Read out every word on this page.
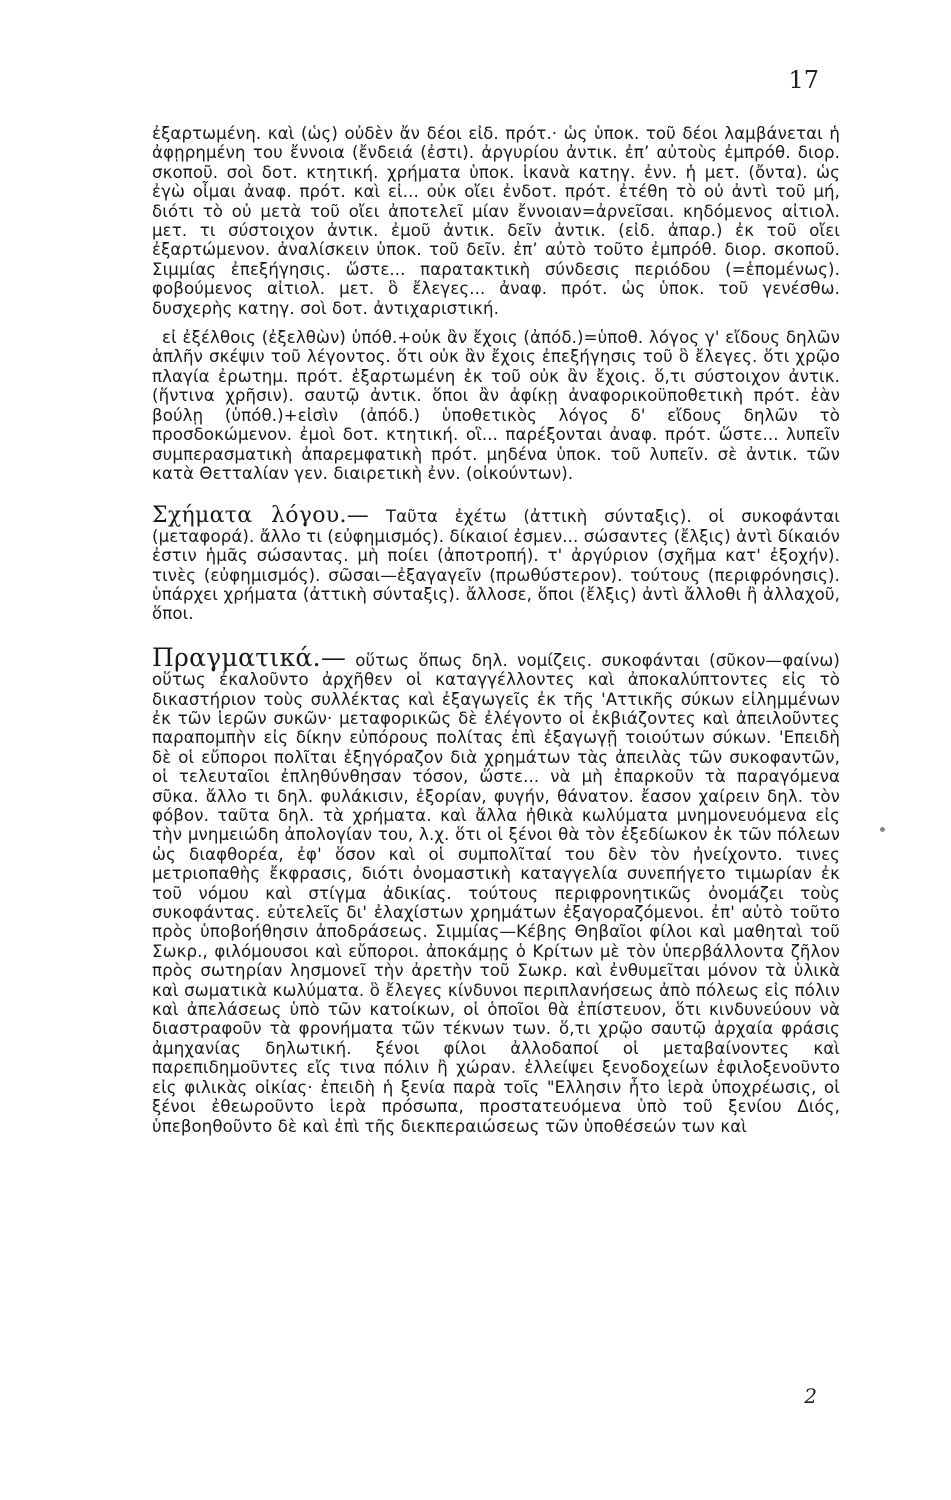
17

ἐξαρτωμένη. καὶ (ὡς) οὐδὲν ἄν δέοι εἰδ. πρότ.· ὡς ὑποκ. τοῦ δέοι λαμβάνεται ἡ ἀφῃρημένη του ἔννοια (ἔνδειά (ἐστι). ἀργυρίου ἀντικ. ἐπ’ αὐτοὺς ἐμπρόθ. διορ. σκοποῦ. σοὶ δοτ. κτητική. χρήματα ὑποκ. ἱκανὰ κατηγ. ἐνν. ἡ μετ. (ὄντα). ὡς ἐγὼ οἶμαι ἀναφ. πρότ. καὶ εἰ... οὐκ οἴει ἐνδοτ. πρότ. ἐτέθη τὸ οὐ ἀντὶ τοῦ μή, διότι τὸ οὐ μετὰ τοῦ οἴει ἀποτελεῖ μίαν ἔννοιαν=ἀρνεῖσαι. κηδόμενος αἰτιολ. μετ. τι σύστοιχον ἀντικ. ἐμοῦ ἀντικ. δεῖν ἀντικ. (εἰδ. ἀπαρ.) ἐκ τοῦ οἴει ἐξαρτώμενον. ἀναλίσκειν ὑποκ. τοῦ δεῖν. ἐπ’ αὐτὸ τοῦτο ἐμπρόθ. διορ. σκοποῦ. Σιμμίας ἐπεξήγησις. ὥστε... παρατακτικὴ σύνδεσις περιόδου (=ἑπομένως). φοβούμενος αἰτιολ. μετ. ὃ ἔλεγες... ἀναφ. πρότ. ὡς ὑποκ. τοῦ γενέσθω. δυσχερὴς κατηγ. σοὶ δοτ. ἀντιχαριστική.

εἰ ἐξέλθοις (ἐξελθὼν) ὑπόθ.+οὐκ ἂν ἔχοις (ἀπόδ.)=ὑποθ. λόγος γ' εἴδους δηλῶν ἁπλῆν σκέψιν τοῦ λέγοντος. ὅτι οὐκ ἂν ἔχοις ἐπεξήγησις τοῦ ὃ ἔλεγες. ὅτι χρῷο πλαγία ἐρωτημ. πρότ. ἐξαρτωμένη ἐκ τοῦ οὐκ ἂν ἔχοις. ὅ,τι σύστοιχον ἀντικ. (ἥντινα χρῆσιν). σαυτῷ ἀντικ. ὅποι ἂν ἀφίκῃ ἀναφορικοϋποθετικὴ πρότ. ἐὰν βούλῃ (ὑπόθ.)+εἰσὶν (ἀπόδ.) ὑποθετικὸς λόγος δ' εἴδους δηλῶν τὸ προσδοκώμενον. ἐμοὶ δοτ. κτητική. οἳ... παρέξονται ἀναφ. πρότ. ὥστε... λυπεῖν συμπερασματικὴ ἀπαρεμφατικὴ πρότ. μηδένα ὑποκ. τοῦ λυπεῖν. σὲ ἀντικ. τῶν κατὰ Θετταλίαν γεν. διαιρετικὴ ἐνν. (οἰκούντων).

Σχήματα λόγου.— Ταῦτα ἐχέτω (ἀττικὴ σύνταξις). οἱ συκοφάνται (μεταφορά). ἄλλο τι (εὐφημισμός). δίκαιοί ἐσμεν... σώσαντες (ἔλξις) ἀντὶ δίκαιόν ἐστιν ἡμᾶς σώσαντας. μὴ ποίει (ἀποτροπή). τ' ἀργύριον (σχῆμα κατ' ἐξοχήν). τινὲς (εὐφημισμός). σῶσαι—ἐξαγαγεῖν (πρωθύστερον). τούτους (περιφρόνησις). ὑπάρχει χρήματα (ἀττικὴ σύνταξις). ἄλλοσε, ὅποι (ἔλξις) ἀντὶ ἄλλοθι ἢ ἀλλαχοῦ, ὅποι.

Πραγματικά.— οὕτως ὅπως δηλ. νομίζεις. συκοφάνται (σῦκον—φαίνω) οὕτως ἐκαλοῦντο ἀρχῆθεν οἱ καταγγέλλοντες καὶ ἀποκαλύπτοντες εἰς τὸ δικαστήριον τοὺς συλλέκτας καὶ ἐξαγωγεῖς ἐκ τῆς 'Αττικῆς σύκων εἰλημμένων ἐκ τῶν ἱερῶν συκῶν· μεταφορικῶς δὲ ἐλέγοντο οἱ ἐκβιάζοντες καὶ ἀπειλοῦντες παραπομπὴν εἰς δίκην εὐπόρους πολίτας ἐπὶ ἐξαγωγῇ τοιούτων σύκων. 'Επειδὴ δὲ οἱ εὔποροι πολῖται ἐξηγόραζον διὰ χρημάτων τὰς ἀπειλὰς τῶν συκοφαντῶν, οἱ τελευταῖοι ἐπληθύνθησαν τόσον, ὥστε... νὰ μὴ ἐπαρκοῦν τὰ παραγόμενα σῦκα. ἄλλο τι δηλ. φυλάκισιν, ἐξορίαν, φυγήν, θάνατον. ἔασον χαίρειν δηλ. τὸν φόβον. ταῦτα δηλ. τὰ χρήματα. καὶ ἄλλα ἠθικὰ κωλύματα μνημονευόμενα εἰς τὴν μνημειώδη ἀπολογίαν του, λ.χ. ὅτι οἱ ξένοι θὰ τὸν ἐξεδίωκον ἐκ τῶν πόλεων ὡς διαφθορέα, ἐφ' ὅσον καὶ οἱ συμπολῖταί του δὲν τὸν ἠνείχοντο. τινες μετριοπαθὴς ἔκφρασις, διότι ὀνομαστικὴ καταγγελία συνεπήγετο τιμωρίαν ἐκ τοῦ νόμου καὶ στίγμα ἀδικίας. τούτους περιφρονητικῶς ὀνομάζει τοὺς συκοφάντας. εὐτελεῖς δι' ἐλαχίστων χρημάτων ἐξαγοραζόμενοι. ἐπ' αὐτὸ τοῦτο πρὸς ὑποβοήθησιν ἀποδράσεως. Σιμμίας—Κέβης Θηβαῖοι φίλοι καὶ μαθηταὶ τοῦ Σωκρ., φιλόμουσοι καὶ εὔποροι. ἀποκάμῃς ὁ Κρίτων μὲ τὸν ὑπερβάλλοντα ζῆλον πρὸς σωτηρίαν λησμονεῖ τὴν ἀρετὴν τοῦ Σωκρ. καὶ ἐνθυμεῖται μόνον τὰ ὑλικὰ καὶ σωματικὰ κωλύματα. ὃ ἔλεγες κίνδυνοι περιπλανήσεως ἀπὸ πόλεως εἰς πόλιν καὶ ἀπελάσεως ὑπὸ τῶν κατοίκων, οἱ ὁποῖοι θὰ ἐπίστευον, ὅτι κινδυνεύουν νὰ διαστραφοῦν τὰ φρονήματα τῶν τέκνων των. ὅ,τι χρῷο σαυτῷ ἀρχαία φράσις ἀμηχανίας δηλωτική. ξένοι φίλοι ἀλλοδαποί οἱ μεταβαίνοντες καὶ παρεπιδημοῦντες εἴς τινα πόλιν ἢ χώραν. ἐλλείψει ξενοδοχείων ἐφιλοξενοῦντο εἰς φιλικὰς οἰκίας· ἐπειδὴ ἡ ξενία παρὰ τοῖς "Ελλησιν ἦτο ἱερὰ ὑποχρέωσις, οἱ ξένοι ἐθεωροῦντο ἱερὰ πρόσωπα, προστατευόμενα ὑπὸ τοῦ ξενίου Διός, ὑπεβοηθοῦντο δὲ καὶ ἐπὶ τῆς διεκπεραιώσεως τῶν ὑποθέσεών των καὶ

2
